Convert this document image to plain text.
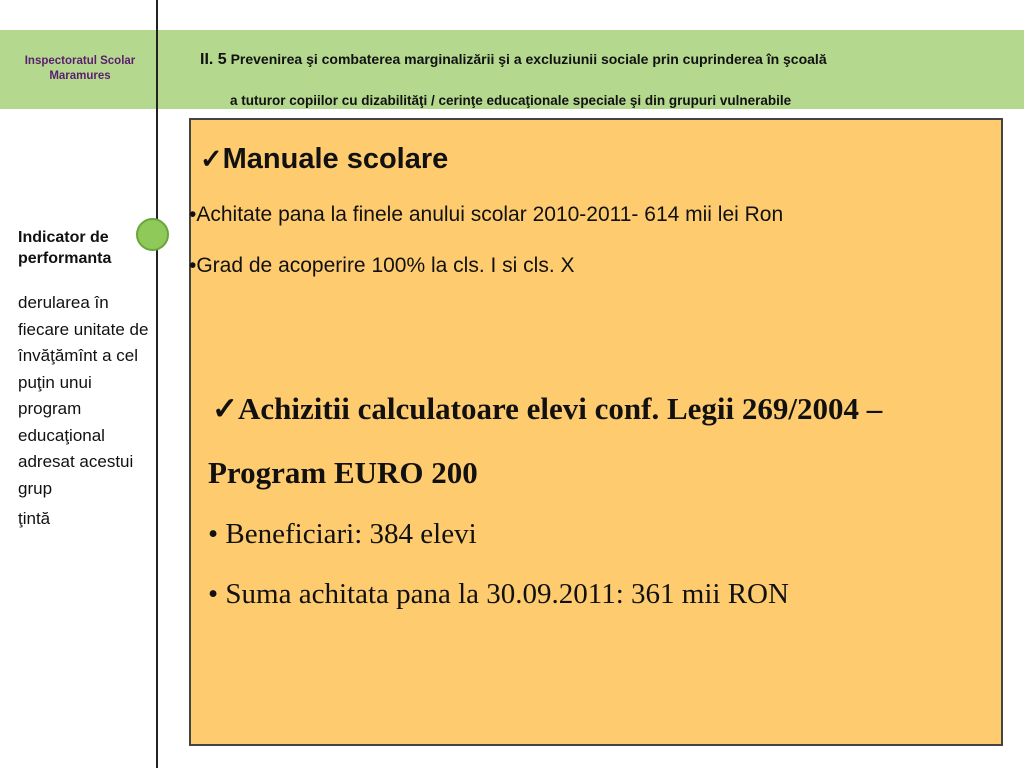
Inspectoratul Scolar
Maramures
II. 5 Prevenirea şi combaterea marginalizării şi a excluziunii sociale prin cuprinderea în şcoală
a tuturor copiilor cu dizabilităţi / cerinţe educaţionale speciale şi din grupuri vulnerabile
Indicator de
performanta
derularea în fiecare unitate de învăţămînt a cel puţin unui program educaţional adresat acestui grup
ţintă
✓Manuale scolare
•Achitate pana la finele anului scolar 2010-2011- 614 mii lei Ron
•Grad de acoperire 100% la cls. I si cls. X
✓Achizitii calculatoare elevi conf. Legii 269/2004 –
Program EURO 200
• Beneficiari: 384 elevi
• Suma achitata pana la 30.09.2011: 361 mii RON
